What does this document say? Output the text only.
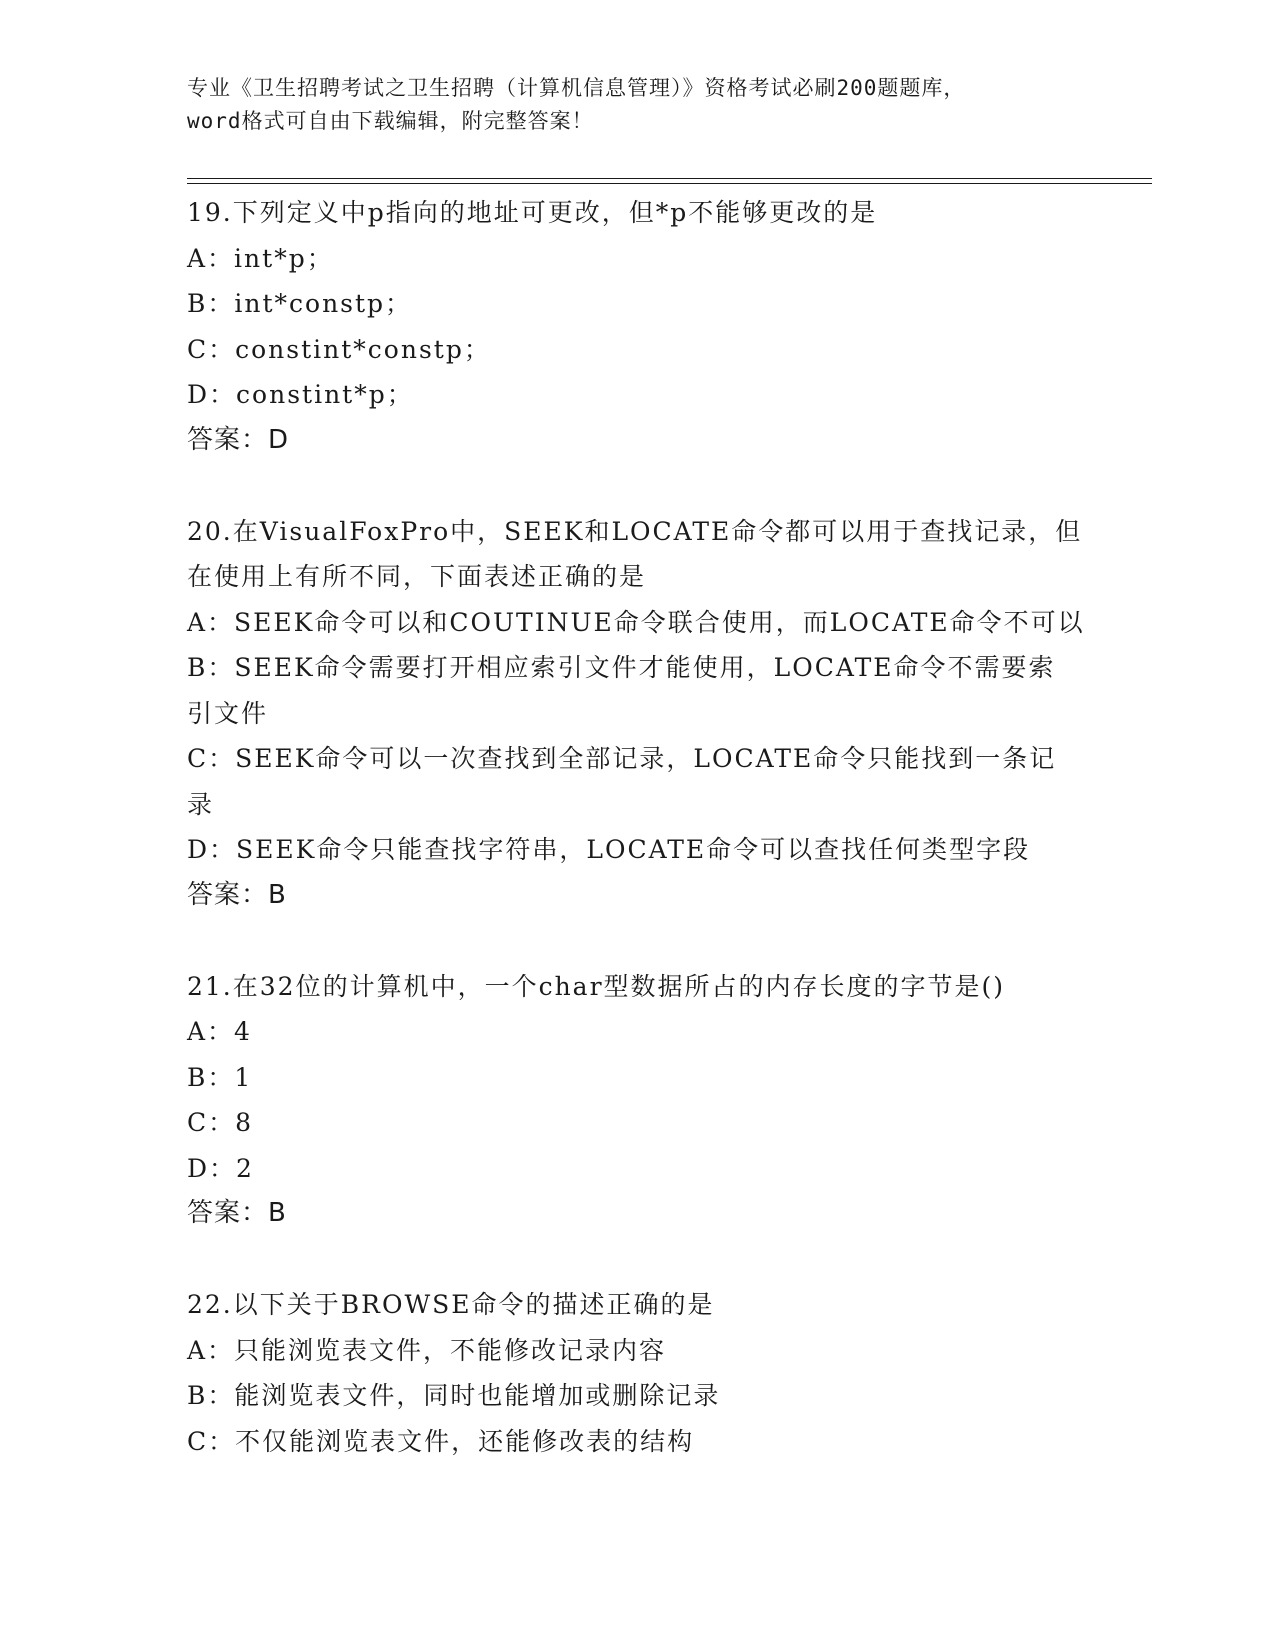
专业《卫生招聘考试之卫生招聘（计算机信息管理）》资格考试必刷200题题库，
word格式可自由下载编辑，附完整答案！
19.下列定义中p指向的地址可更改，但*p不能够更改的是
A：int*p；
B：int*constp；
C：constint*constp；
D：constint*p；
答案：D
20.在VisualFoxPro中，SEEK和LOCATE命令都可以用于查找记录，但
在使用上有所不同，下面表述正确的是
A：SEEK命令可以和COUTINUE命令联合使用，而LOCATE命令不可以
B：SEEK命令需要打开相应索引文件才能使用，LOCATE命令不需要索
引文件
C：SEEK命令可以一次查找到全部记录，LOCATE命令只能找到一条记
录
D：SEEK命令只能查找字符串，LOCATE命令可以查找任何类型字段
答案：B
21.在32位的计算机中，一个char型数据所占的内存长度的字节是()
A：4
B：1
C：8
D：2
答案：B
22.以下关于BROWSE命令的描述正确的是
A：只能浏览表文件，不能修改记录内容
B：能浏览表文件，同时也能增加或删除记录
C：不仅能浏览表文件，还能修改表的结构
